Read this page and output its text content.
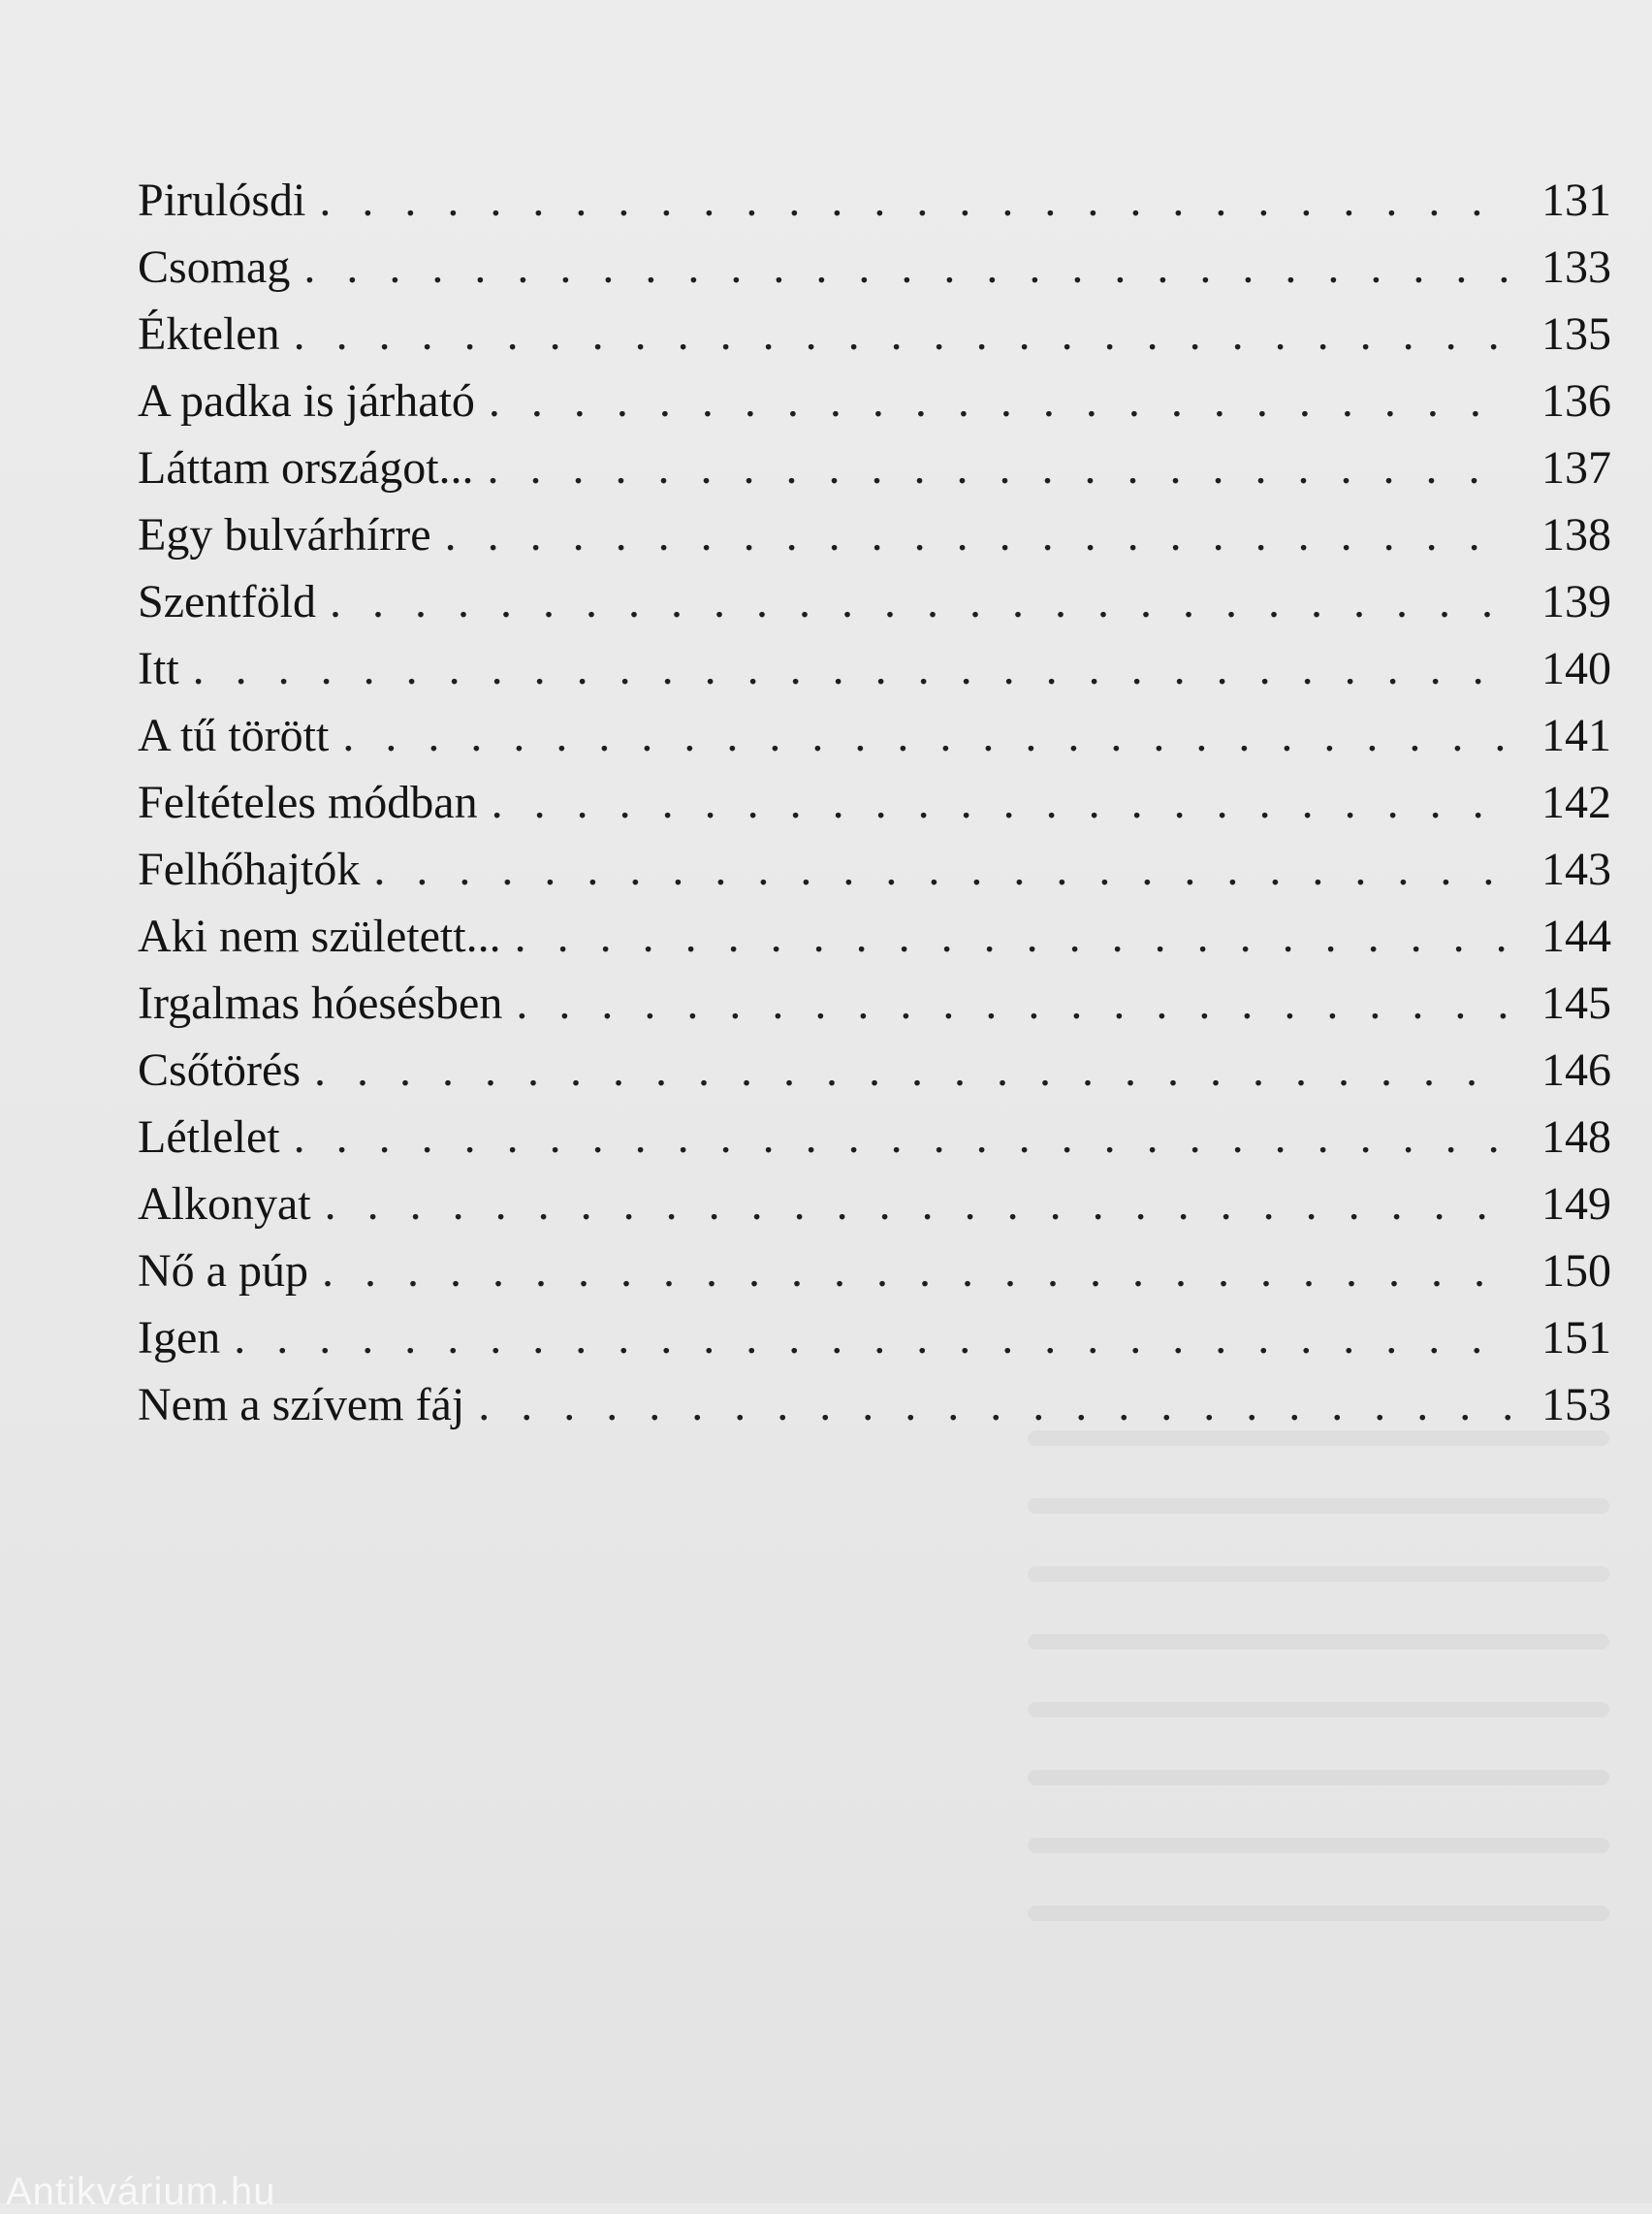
Pirulósdi . . .	131
Csomag . . .	133
Éktelen . . .	135
A padka is járható . . .	136
Láttam országot... . . .	137
Egy bulvárhírre . . .	138
Szentföld . . .	139
Itt . . .	140
A tű törött . . .	141
Feltételes módban . . .	142
Felhőhajtók . . .	143
Aki nem született... . . .	144
Irgalmas hóesésben . . .	145
Csőtörés . . .	146
Létlelet . . .	148
Alkonyat . . .	149
Nő a púp . . .	150
Igen . . .	151
Nem a szívem fáj . . .	153
Antikvárium.hu
